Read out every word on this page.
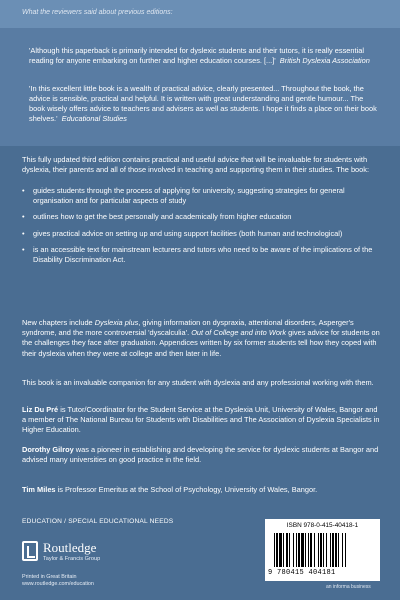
What the reviewers said about previous editions:
'Although this paperback is primarily intended for dyslexic students and their tutors, it is really essential reading for anyone embarking on further and higher education courses. [...]' British Dyslexia Association
'In this excellent little book is a wealth of practical advice, clearly presented... Throughout the book, the advice is sensible, practical and helpful. It is written with great understanding and gentle humour... The book wisely offers advice to teachers and advisers as well as students. I hope it finds a place on their book shelves.' Educational Studies
This fully updated third edition contains practical and useful advice that will be invaluable for students with dyslexia, their parents and all of those involved in teaching and supporting them in their studies. The book:
• guides students through the process of applying for university, suggesting strategies for general organisation and for particular aspects of study
• outlines how to get the best personally and academically from higher education
• gives practical advice on setting up and using support facilities (both human and technological)
• is an accessible text for mainstream lecturers and tutors who need to be aware of the implications of the Disability Discrimination Act.
New chapters include Dyslexia plus, giving information on dyspraxia, attentional disorders, Asperger's syndrome, and the more controversial 'dyscalculia'. Out of College and into Work gives advice for students on the challenges they face after graduation. Appendices written by six former students tell how they coped with their dyslexia when they were at college and then later in life.
This book is an invaluable companion for any student with dyslexia and any professional working with them.
Liz Du Pré is Tutor/Coordinator for the Student Service at the Dyslexia Unit, University of Wales, Bangor and a member of The National Bureau for Students with Disabilities and The Association of Dyslexia Specialists in Higher Education.
Dorothy Gilroy was a pioneer in establishing and developing the service for dyslexic students at Bangor and advised many universities on good practice in the field.
Tim Miles is Professor Emeritus at the School of Psychology, University of Wales, Bangor.
EDUCATION / SPECIAL EDUCATIONAL NEEDS
Routledge
Taylor & Francis Group
Printed in Great Britain
www.routledge.com/education
ISBN 978-0-415-40418-1
9 780415 404181
an informa business
